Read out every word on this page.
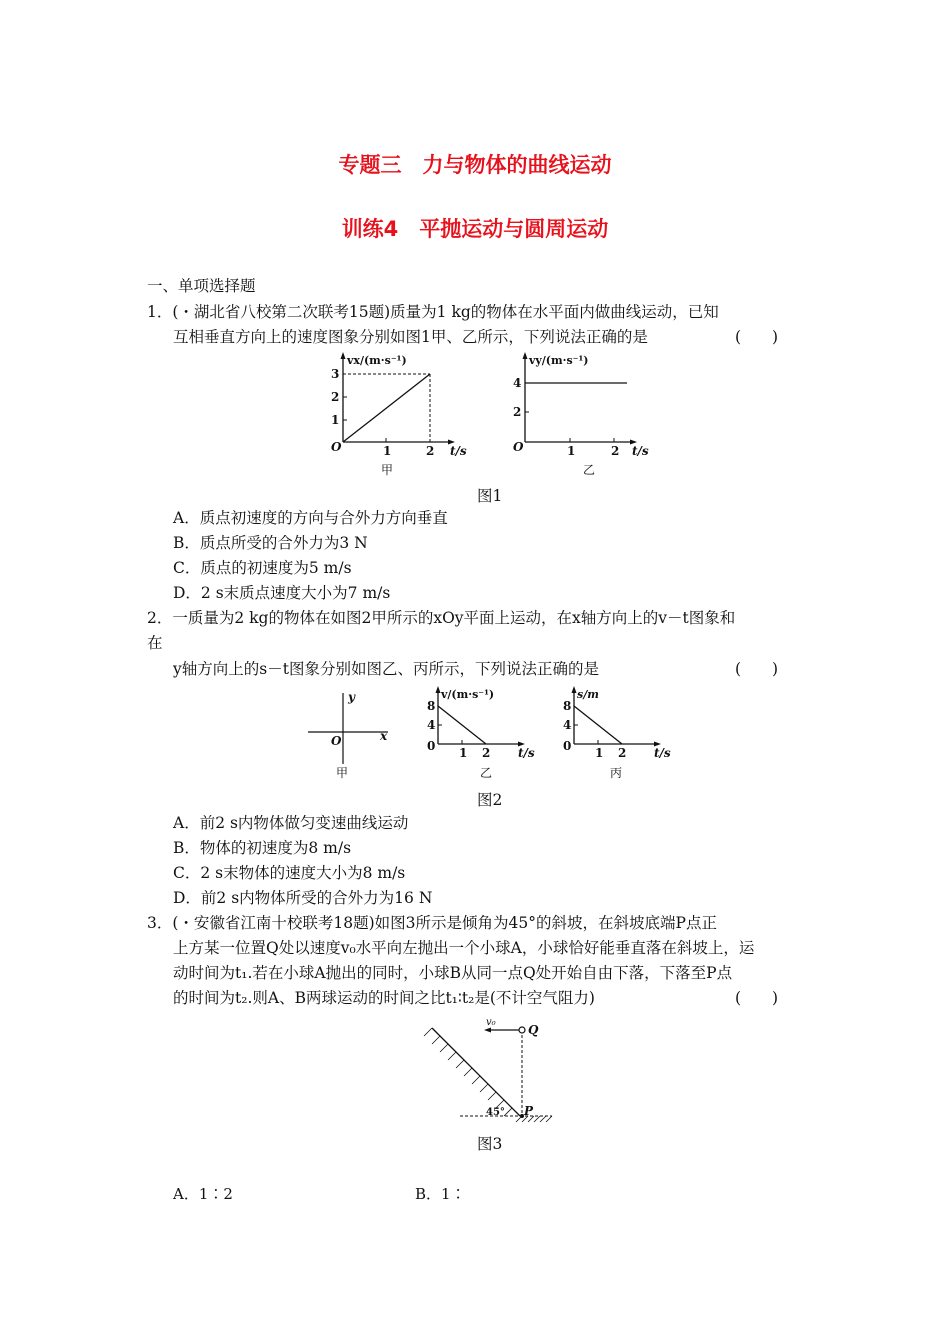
专题三　力与物体的曲线运动
训练4　平抛运动与圆周运动
一、单项选择题
1．(・湖北省八校第二次联考15题)质量为1 kg的物体在水平面内做曲线运动，已知
互相垂直方向上的速度图象分别如图1甲、乙所示，下列说法正确的是	(　　)
vx/(m·s⁻¹)
3
2
1
O	1	2 t/s
甲
vy/(m·s⁻¹)
4
2
O	1	2 t/s
乙
图1
A．质点初速度的方向与合外力方向垂直
B．质点所受的合外力为3 N
C．质点的初速度为5 m/s
D．2 s末质点速度大小为7 m/s
2．一质量为2 kg的物体在如图2甲所示的xOy平面上运动，在x轴方向上的v－t图象和
在
y轴方向上的s－t图象分别如图乙、丙所示，下列说法正确的是	(　　)
y
x
O
甲
v/(m·s⁻¹)
8
4
0 1 2 t/s
乙
s/m
8
4
0 1 2 t/s
丙
图2
A．前2 s内物体做匀变速曲线运动
B．物体的初速度为8 m/s
C．2 s末物体的速度大小为8 m/s
D．前2 s内物体所受的合外力为16 N
3．(・安徽省江南十校联考18题)如图3所示是倾角为45°的斜坡，在斜坡底端P点正
上方某一位置Q处以速度v₀水平向左抛出一个小球A，小球恰好能垂直落在斜坡上，运
动时间为t₁.若在小球A抛出的同时，小球B从同一点Q处开始自由下落，下落至P点
的时间为t₂.则A、B两球运动的时间之比t₁∶t₂是(不计空气阻力)	(　　)
v₀
Q
P
45°
图3
A．1∶2	B．1∶
